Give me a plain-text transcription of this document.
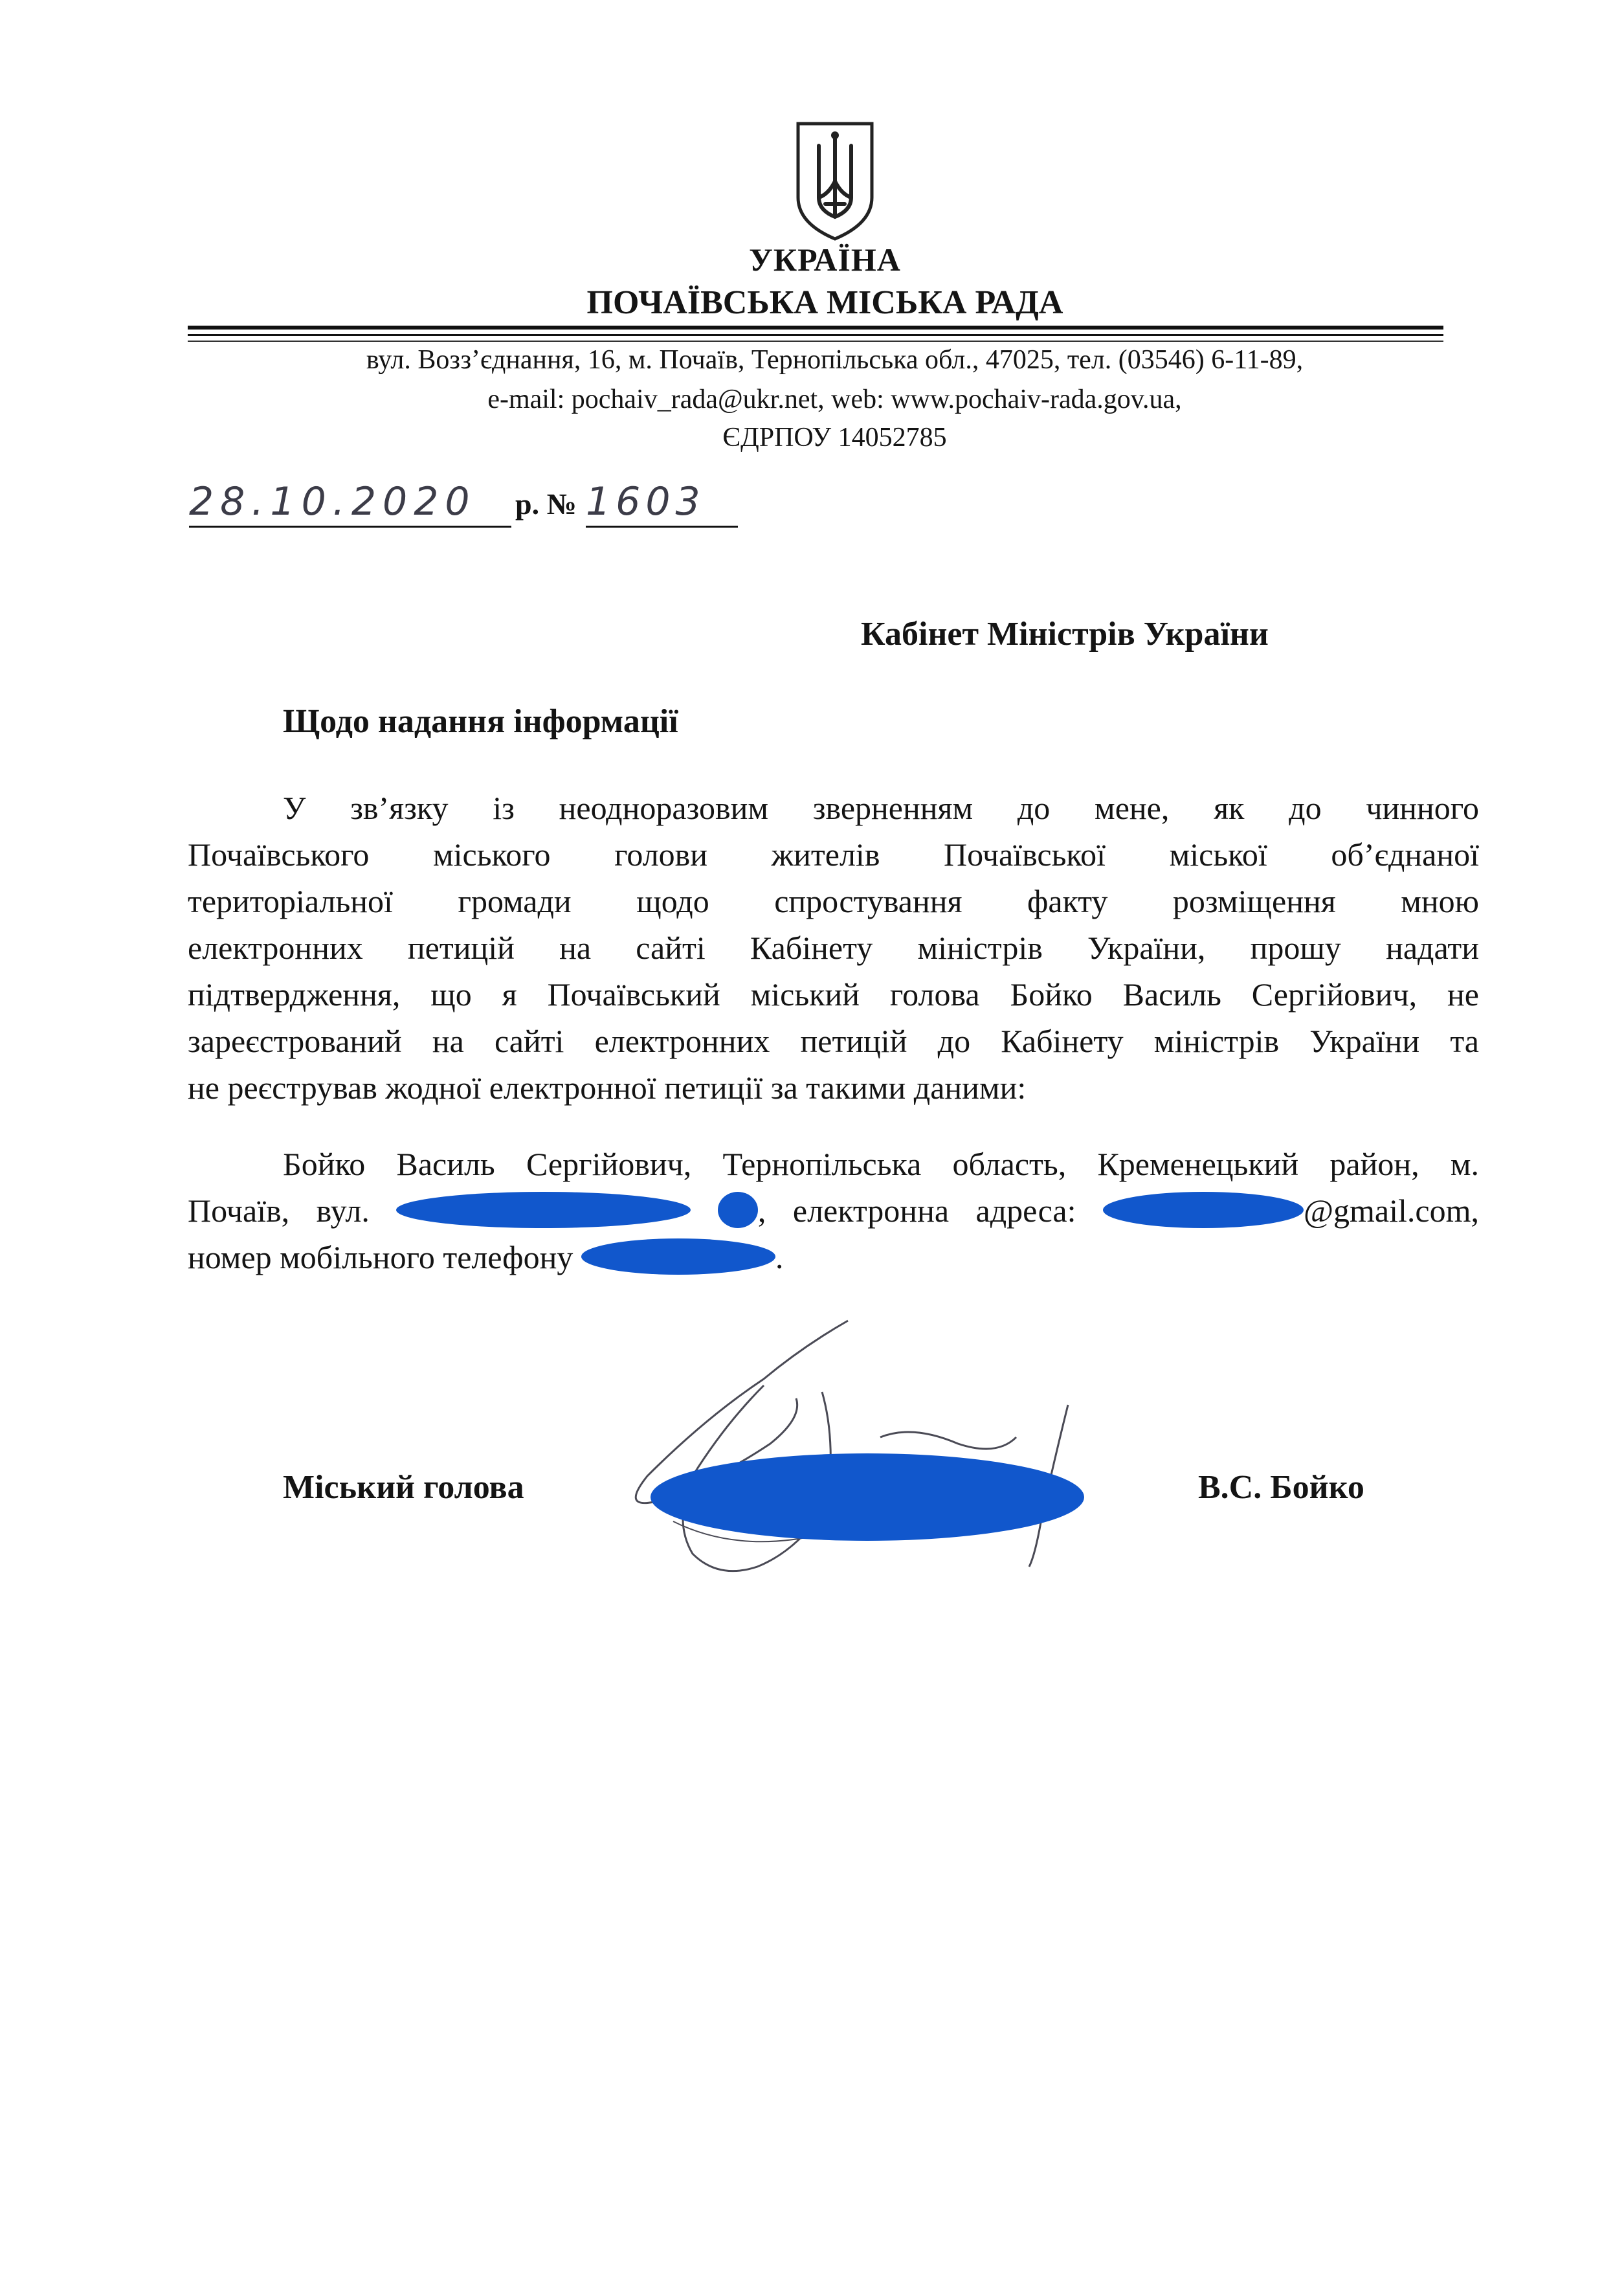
УКРАЇНА
ПОЧАЇВСЬКА МІСЬКА РАДА
вул. Возз’єднання, 16, м. Почаїв, Тернопільська обл., 47025, тел. (03546) 6-11-89,
e-mail: pochaiv_rada@ukr.net, web: www.pochaiv-rada.gov.ua,
ЄДРПОУ 14052785
28.10.2020	р. № 1603
Кабінет Міністрів України
Щодо надання інформації
У зв’язку із неодноразовим зверненням до мене, як до чинного
Почаївського міського голови жителів Почаївської міської об’єднаної
територіальної громади щодо спростування факту розміщення мною
електронних петицій на сайті Кабінету міністрів України, прошу надати
підтвердження, що я Почаївський міський голова Бойко Василь Сергійович, не
зареєстрований на сайті електронних петицій до Кабінету міністрів України та
не реєстрував жодної електронної петиції за такими даними:
Бойко Василь Сергійович, Тернопільська область, Кременецький район, м.
Почаїв, вул.	, електронна адреса:	@gmail.com,
номер мобільного телефону	.
Міський голова	В.С. Бойко
